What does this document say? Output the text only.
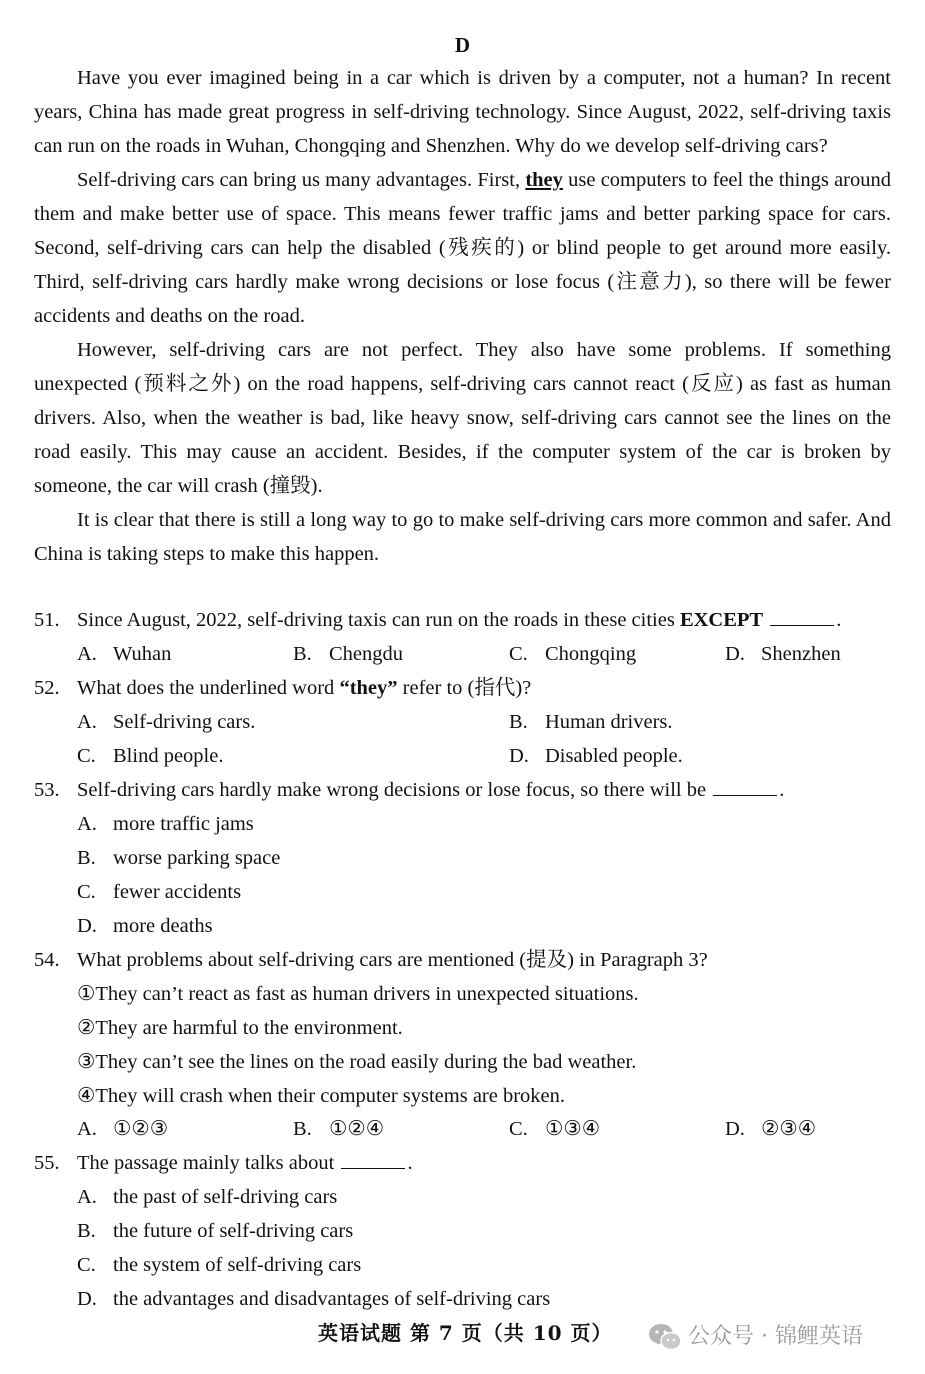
D

Have you ever imagined being in a car which is driven by a computer, not a human? In recent years, China has made great progress in self-driving technology. Since August, 2022, self-driving taxis can run on the roads in Wuhan, Chongqing and Shenzhen. Why do we develop self-driving cars?

Self-driving cars can bring us many advantages. First, they use computers to feel the things around them and make better use of space. This means fewer traffic jams and better parking space for cars. Second, self-driving cars can help the disabled (残疾的) or blind people to get around more easily. Third, self-driving cars hardly make wrong decisions or lose focus (注意力), so there will be fewer accidents and deaths on the road.

However, self-driving cars are not perfect. They also have some problems. If something unexpected (预料之外) on the road happens, self-driving cars cannot react (反应) as fast as human drivers. Also, when the weather is bad, like heavy snow, self-driving cars cannot see the lines on the road easily. This may cause an accident. Besides, if the computer system of the car is broken by someone, the car will crash (撞毁).

It is clear that there is still a long way to go to make self-driving cars more common and safer. And China is taking steps to make this happen.

51. Since August, 2022, self-driving taxis can run on the roads in these cities EXCEPT	.
A. Wuhan	B. Chengdu	C. Chongqing	D. Shenzhen
52. What does the underlined word “they” refer to (指代)?
A. Self-driving cars.	B. Human drivers.
C. Blind people.	D. Disabled people.
53. Self-driving cars hardly make wrong decisions or lose focus, so there will be	.
A. more traffic jams
B. worse parking space
C. fewer accidents
D. more deaths
54. What problems about self-driving cars are mentioned (提及) in Paragraph 3?
①They can’t react as fast as human drivers in unexpected situations.
②They are harmful to the environment.
③They can’t see the lines on the road easily during the bad weather.
④They will crash when their computer systems are broken.
A. ①②③	B. ①②④	C. ①③④	D. ②③④
55. The passage mainly talks about	.
A. the past of self-driving cars
B. the future of self-driving cars
C. the system of self-driving cars
D. the advantages and disadvantages of self-driving cars
英语试题 第 7 页（共 10 页）	公众号 · 锦鲤英语
